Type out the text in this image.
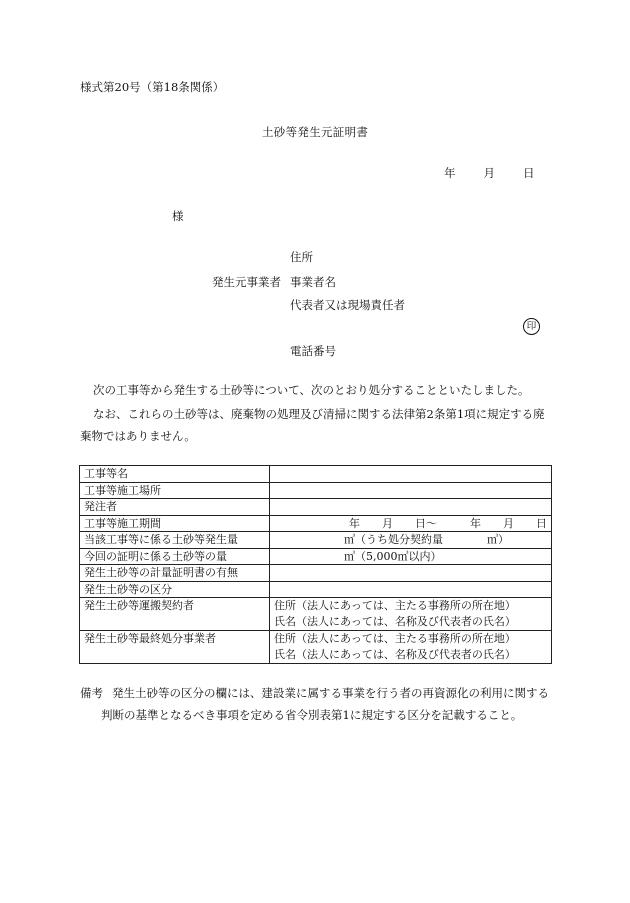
様式第20号（第18条関係）
土砂等発生元証明書
年 月 日
様
住所
発生元事業者 事業者名
代表者又は現場責任者
印
電話番号
次の工事等から発生する土砂等について、次のとおり処分することといたしました。
なお、これらの土砂等は、廃棄物の処理及び清掃に関する法律第2条第1項に規定する廃棄物ではありません。
工事等名	
工事等施工場所	
発注者	
工事等施工期間	年　　月　　日〜　　　年　　月　　日
当該工事等に係る土砂等発生量	㎥（うち処分契約量　　　　㎥）
今回の証明に係る土砂等の量	㎥（5,000㎥以内）
発生土砂等の計量証明書の有無	
発生土砂等の区分	
発生土砂等運搬契約者	住所（法人にあっては、主たる事務所の所在地）
氏名（法人にあっては、名称及び代表者の氏名）

発生土砂等最終処分事業者	住所（法人にあっては、主たる事務所の所在地）
氏名（法人にあっては、名称及び代表者の氏名）
備考 発生土砂等の区分の欄には、建設業に属する事業を行う者の再資源化の利用に関する
判断の基準となるべき事項を定める省令別表第1に規定する区分を記載すること。
